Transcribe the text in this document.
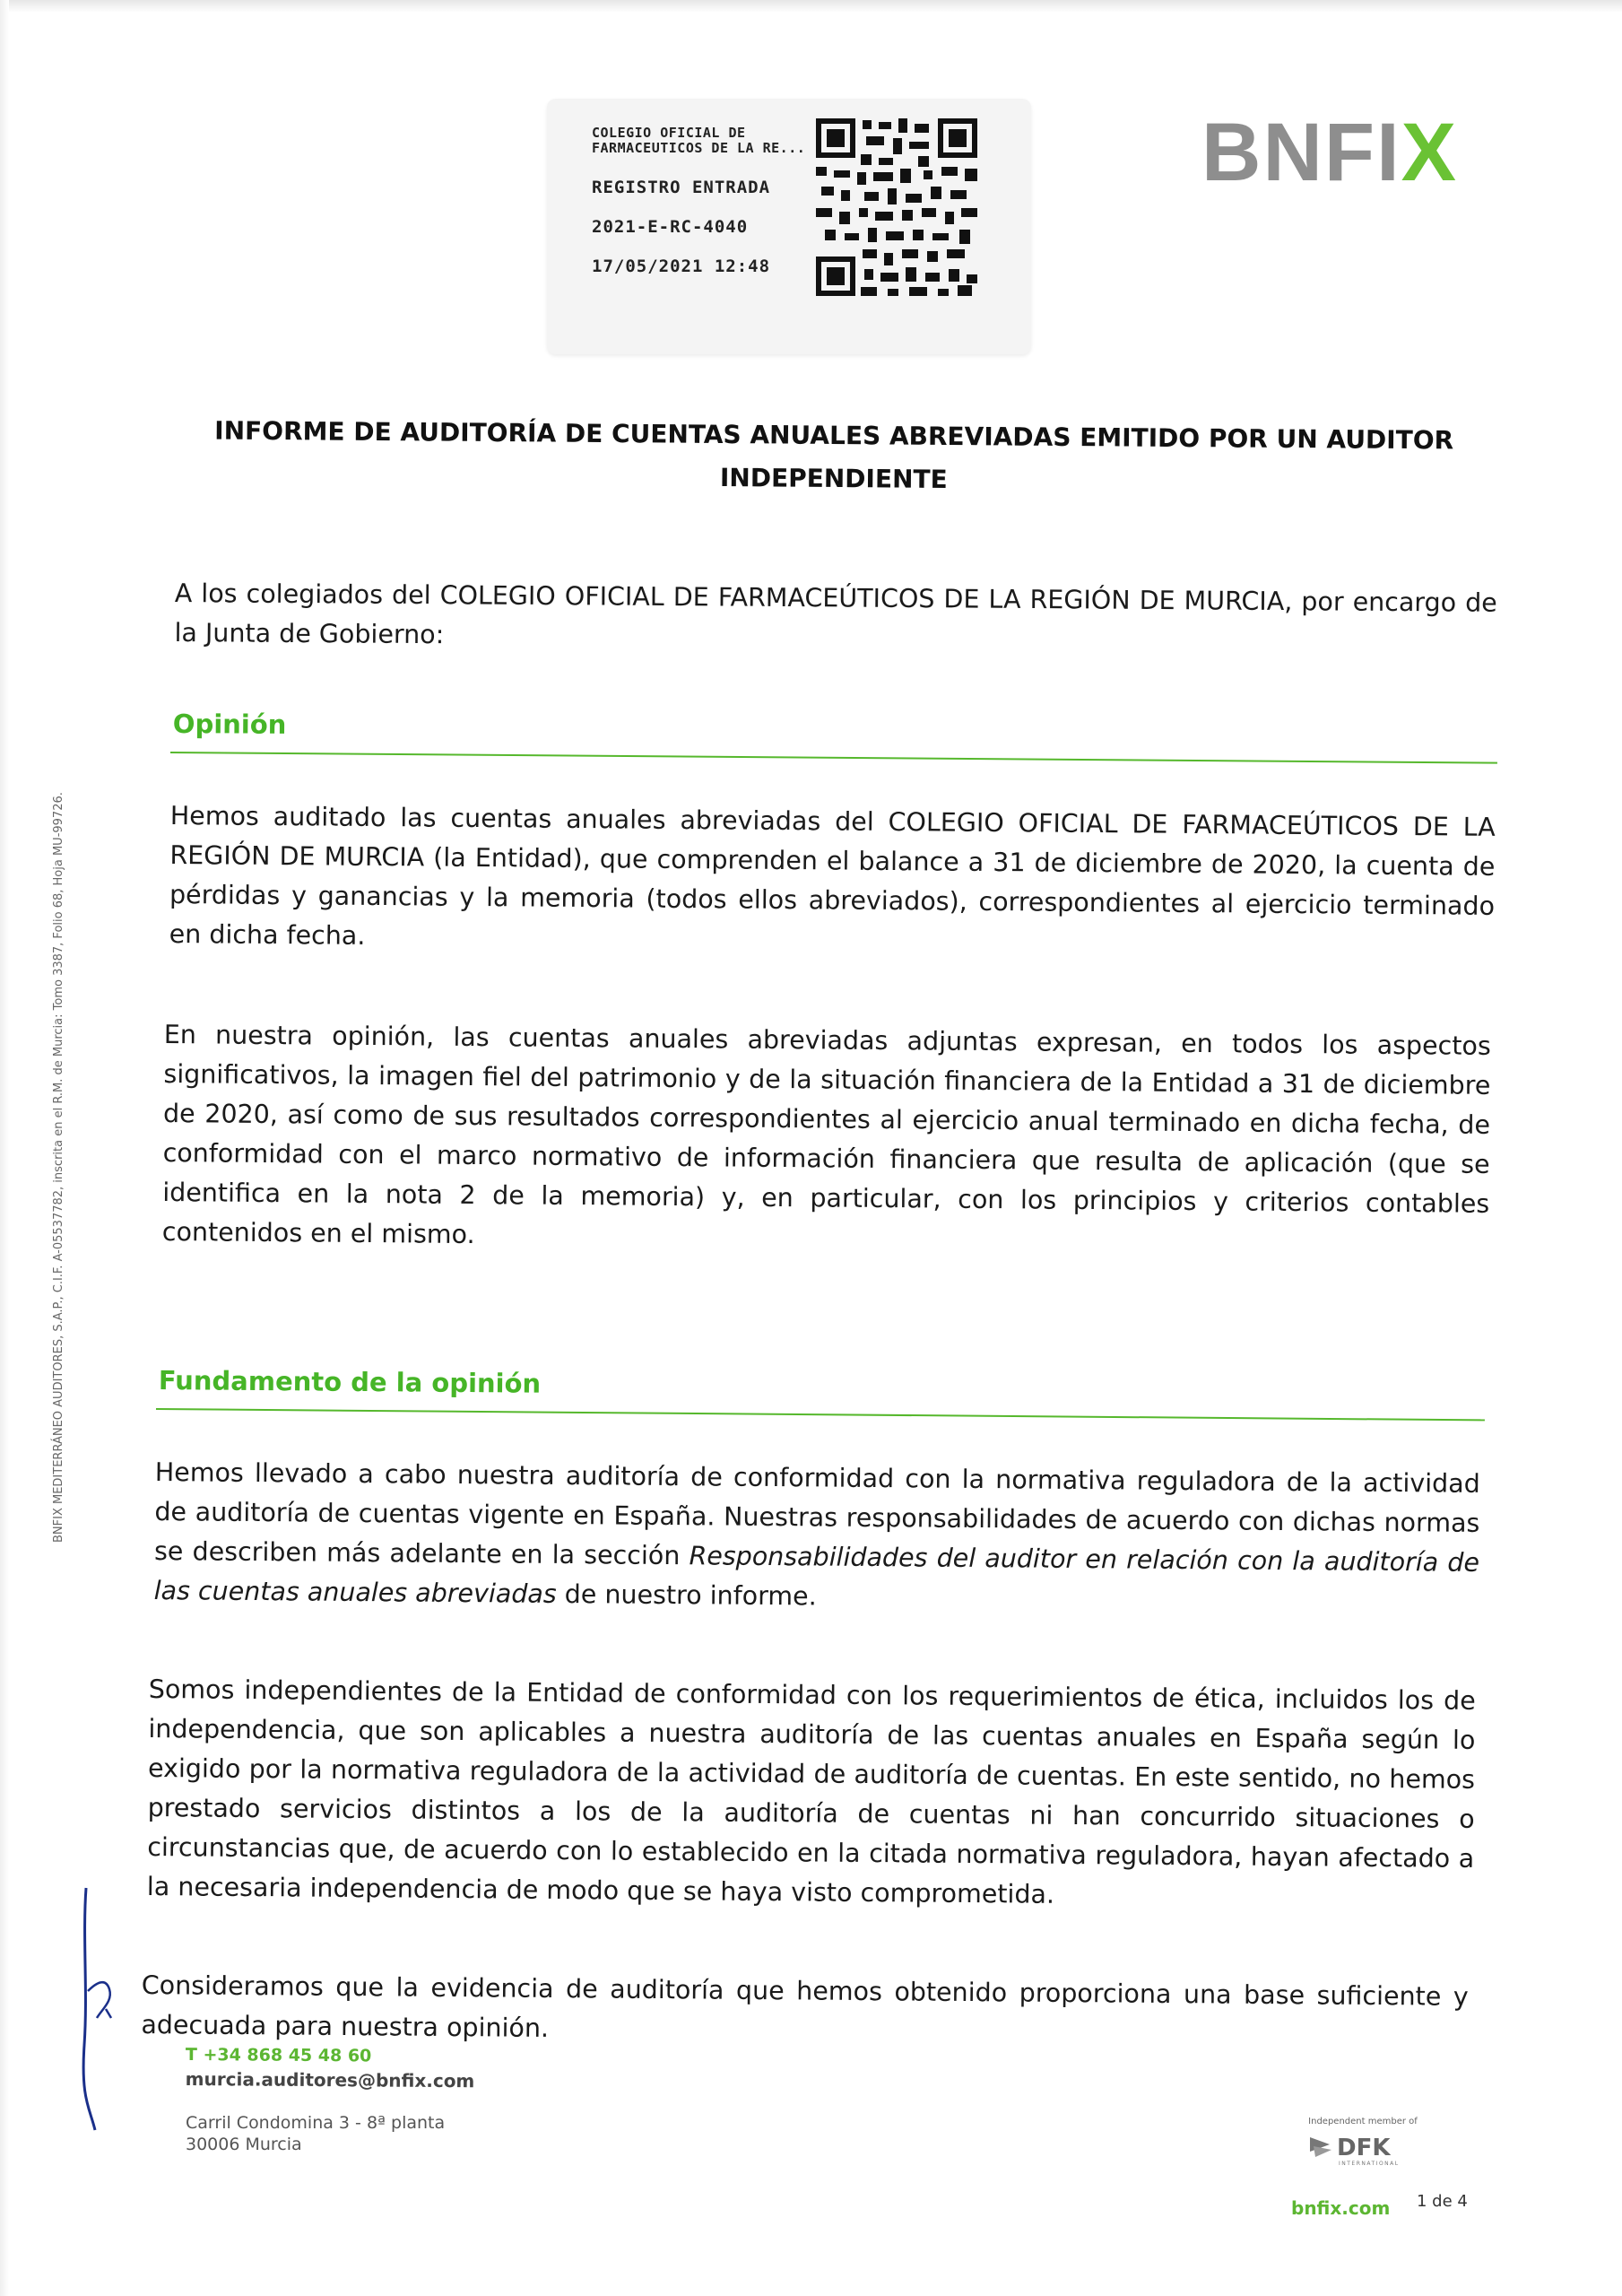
COLEGIO OFICIAL DE
FARMACEUTICOS DE LA RE...
REGISTRO ENTRADA
2021-E-RC-4040
17/05/2021 12:48
BNFIX
INFORME DE AUDITORÍA DE CUENTAS ANUALES ABREVIADAS EMITIDO POR UN AUDITOR INDEPENDIENTE
A los colegiados del COLEGIO OFICIAL DE FARMACEÚTICOS DE LA REGIÓN DE MURCIA, por encargo de la Junta de Gobierno:
Opinión
Hemos auditado las cuentas anuales abreviadas del COLEGIO OFICIAL DE FARMACEÚTICOS DE LA REGIÓN DE MURCIA (la Entidad), que comprenden el balance a 31 de diciembre de 2020, la cuenta de pérdidas y ganancias y la memoria (todos ellos abreviados), correspondientes al ejercicio terminado en dicha fecha.
En nuestra opinión, las cuentas anuales abreviadas adjuntas expresan, en todos los aspectos significativos, la imagen fiel del patrimonio y de la situación financiera de la Entidad a 31 de diciembre de 2020, así como de sus resultados correspondientes al ejercicio anual terminado en dicha fecha, de conformidad con el marco normativo de información financiera que resulta de aplicación (que se identifica en la nota 2 de la memoria) y, en particular, con los principios y criterios contables contenidos en el mismo.
Fundamento de la opinión
Hemos llevado a cabo nuestra auditoría de conformidad con la normativa reguladora de la actividad de auditoría de cuentas vigente en España. Nuestras responsabilidades de acuerdo con dichas normas se describen más adelante en la sección Responsabilidades del auditor en relación con la auditoría de las cuentas anuales abreviadas de nuestro informe.
Somos independientes de la Entidad de conformidad con los requerimientos de ética, incluidos los de independencia, que son aplicables a nuestra auditoría de las cuentas anuales en España según lo exigido por la normativa reguladora de la actividad de auditoría de cuentas. En este sentido, no hemos prestado servicios distintos a los de la auditoría de cuentas ni han concurrido situaciones o circunstancias que, de acuerdo con lo establecido en la citada normativa reguladora, hayan afectado a la necesaria independencia de modo que se haya visto comprometida.
Consideramos que la evidencia de auditoría que hemos obtenido proporciona una base suficiente y adecuada para nuestra opinión.
BNFIX MEDITERRÁNEO AUDITORES, S.A.P., C.I.F. A-05537782, inscrita en el R.M. de Murcia: Tomo 3387, Folio 68, Hoja MU-99726.
T +34 868 45 48 60
murcia.auditores@bnfix.com
Carril Condomina 3 - 8ª planta
30006 Murcia
Independent member of
DFK
INTERNATIONAL
bnfix.com 1 de 4
